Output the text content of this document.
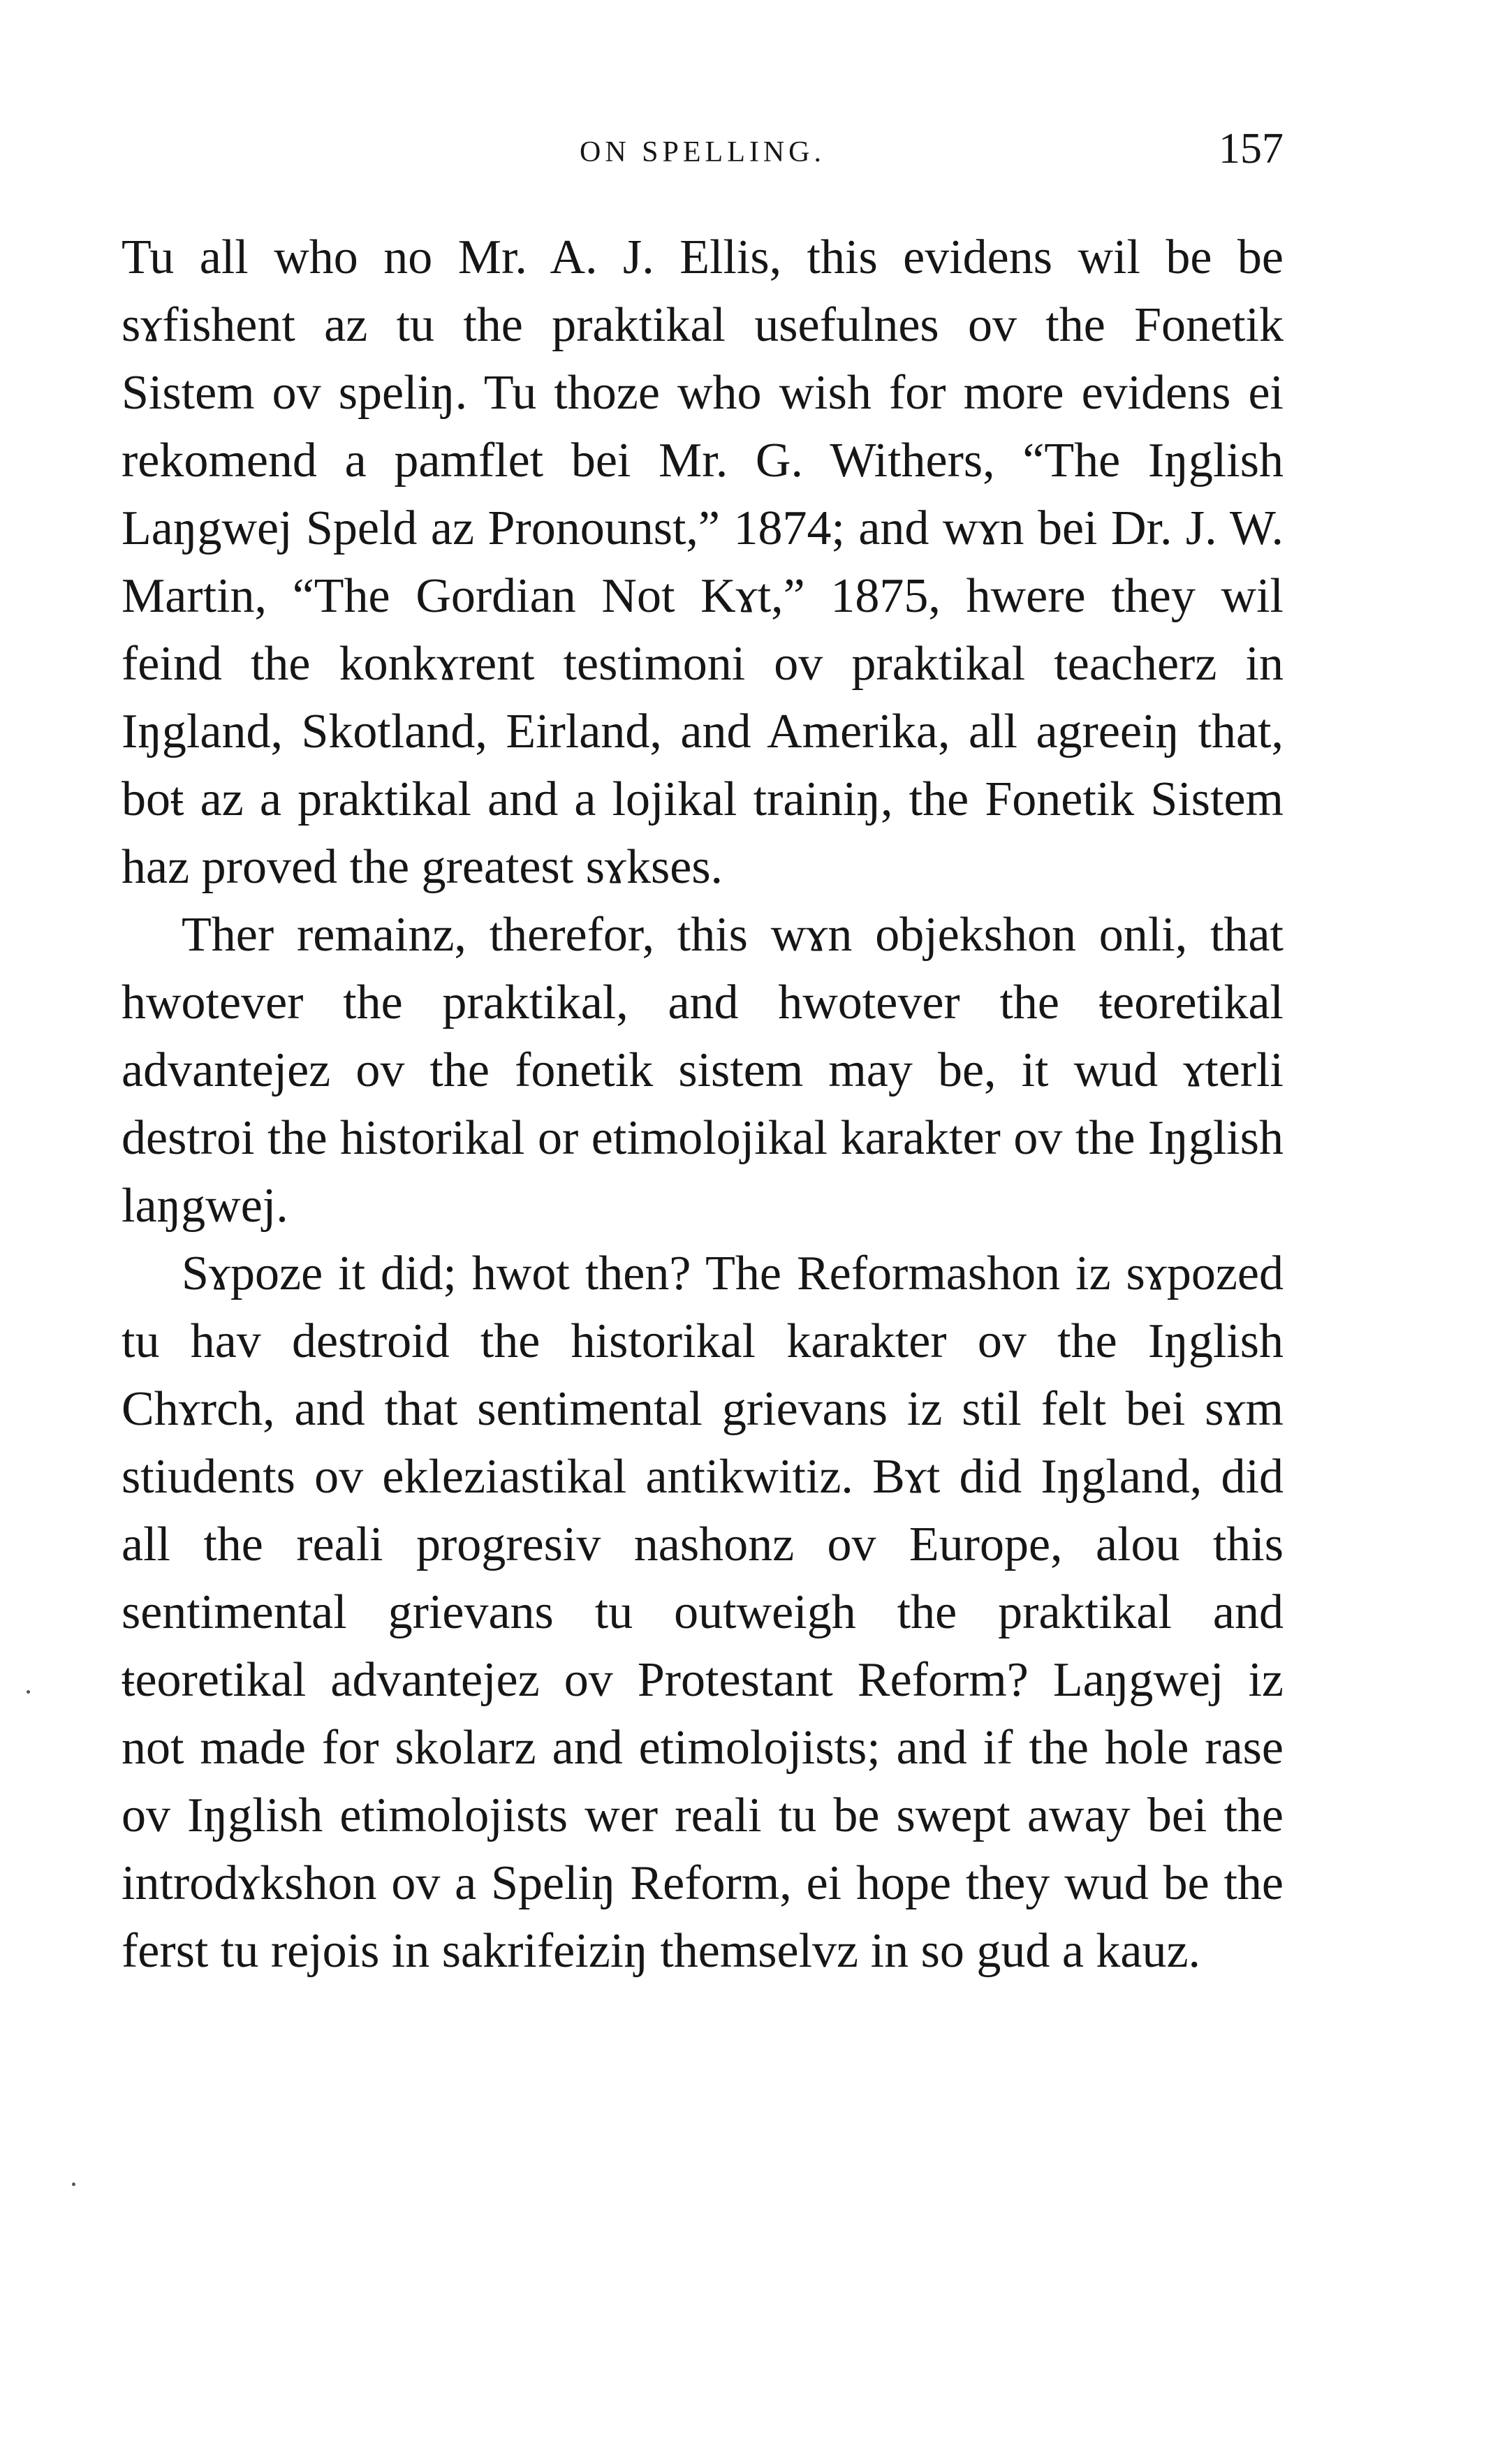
ON SPELLING.	157

Tu all who no Mr. A. J. Ellis, this evidens wil be be sɤfishent az tu the praktikal usefulnes ov the Fonetik Sistem ov speliŋ. Tu thoze who wish for more evidens ei rekomend a pamflet bei Mr. G. Withers, “The Iŋglish Laŋgwej Speld az Pronounst,” 1874; and wɤn bei Dr. J. W. Martin, “The Gordian Not Kɤt,” 1875, hwere they wil feind the konkɤrent testimoni ov praktikal teacherz in Iŋgland, Skotland, Eirland, and Amerika, all agreeiŋ that, boŧ az a praktikal and a lojikal trainiŋ, the Fonetik Sistem haz proved the greatest sɤkses.

Ther remainz, therefor, this wɤn objekshon onli, that hwotever the praktikal, and hwotever the ŧeoretikal advantejez ov the fonetik sistem may be, it wud ɤterli destroi the historikal or etimolojikal karakter ov the Iŋglish laŋgwej.

Sɤpoze it did; hwot then? The Reformashon iz sɤpozed tu hav destroid the historikal karakter ov the Iŋglish Chɤrch, and that sentimental grievans iz stil felt bei sɤm stiudents ov ekleziastikal antikwitiz. Bɤt did Iŋgland, did all the reali progresiv nashonz ov Europe, alou this sentimental grievans tu outweigh the praktikal and ŧeoretikal advantejez ov Protestant Reform? Laŋgwej iz not made for skolarz and etimolojists; and if the hole rase ov Iŋglish etimolojists wer reali tu be swept away bei the introdɤkshon ov a Speliŋ Reform, ei hope they wud be the ferst tu rejois in sakrifeiziŋ themselvz in so gud a kauz.
